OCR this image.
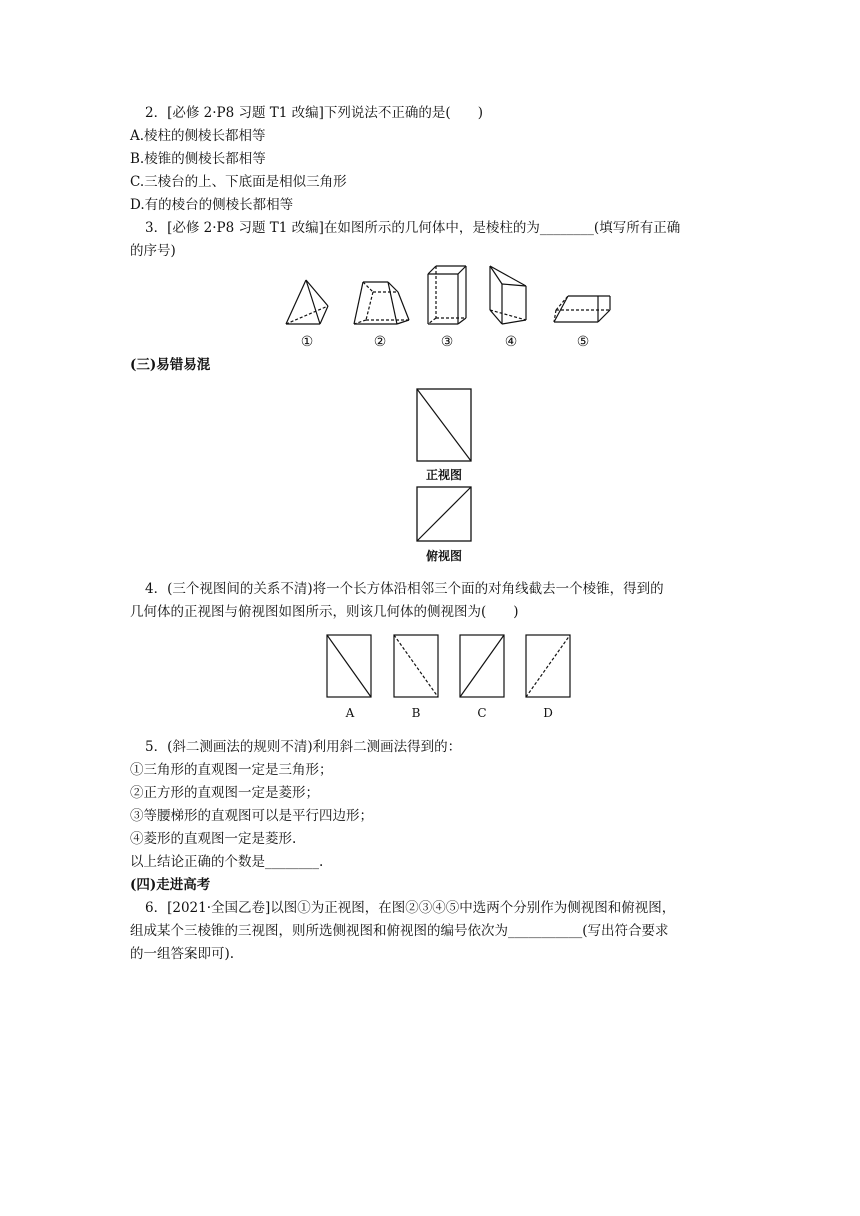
2．[必修 2·P8 习题 T1 改编]下列说法不正确的是(　　)
A.棱柱的侧棱长都相等
B.棱锥的侧棱长都相等
C.三棱台的上、下底面是相似三角形
D.有的棱台的侧棱长都相等
3．[必修 2·P8 习题 T1 改编]在如图所示的几何体中，是棱柱的为________(填写所有正确
的序号)
①	②	③	④	⑤
(三)易错易混
正视图
俯视图
4．(三个视图间的关系不清)将一个长方体沿相邻三个面的对角线截去一个棱锥，得到的
几何体的正视图与俯视图如图所示，则该几何体的侧视图为(　　)
A	B	C	D
5．(斜二测画法的规则不清)利用斜二测画法得到的：
①三角形的直观图一定是三角形；
②正方形的直观图一定是菱形；
③等腰梯形的直观图可以是平行四边形；
④菱形的直观图一定是菱形.
以上结论正确的个数是________.
(四)走进高考
6．[2021·全国乙卷]以图①为正视图，在图②③④⑤中选两个分别作为侧视图和俯视图，
组成某个三棱锥的三视图，则所选侧视图和俯视图的编号依次为___________(写出符合要求
的一组答案即可).
